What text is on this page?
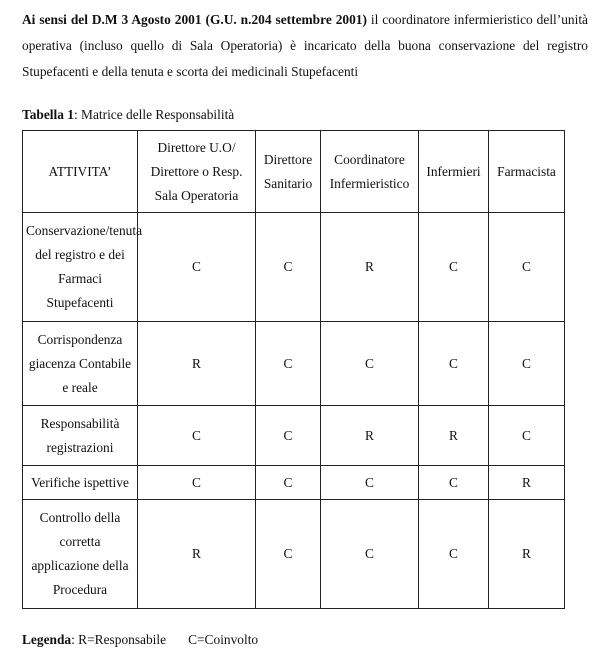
Ai sensi del D.M 3 Agosto 2001 (G.U. n.204 settembre 2001) il coordinatore infermieristico dell’unità operativa (incluso quello di Sala Operatoria) è incaricato della buona conservazione del registro Stupefacenti e della tenuta e scorta dei medicinali Stupefacenti

Tabella 1: Matrice delle Responsabilità

ATTIVITA’	Direttore U.O/ Direttore o Resp. Sala Operatoria	Direttore Sanitario	Coordinatore Infermieristico	Infermieri	Farmacista
Conservazione/tenuta del registro e dei Farmaci Stupefacenti	C	C	R	C	C
Corrispondenza giacenza Contabile e reale	R	C	C	C	C
Responsabilità registrazioni	C	C	R	R	C
Verifiche ispettive	C	C	C	C	R
Controllo della corretta applicazione della Procedura	R	C	C	C	R

Legenda: R=Responsabile C=Coinvolto
